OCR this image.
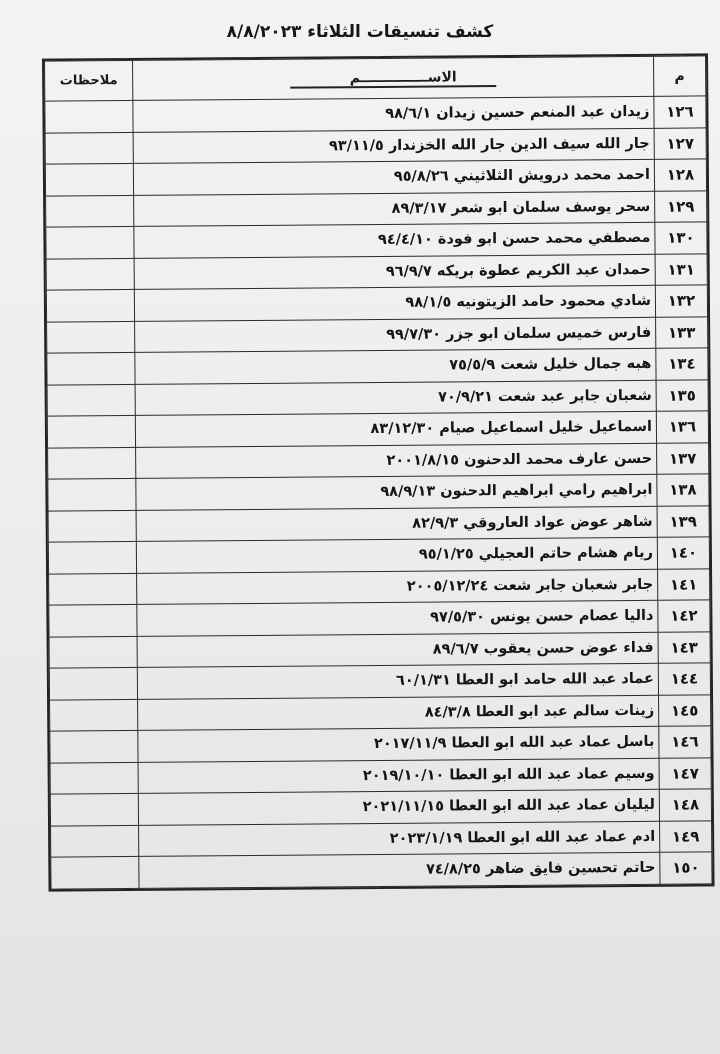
كشف تنسيقات الثلاثاء ٨/٨/٢٠٢٣
م	الاســــــــــــــم	ملاحظات
١٢٦	زيدان عبد المنعم حسين زيدان ٩٨/٦/١	
١٢٧	جار الله سيف الدين جار الله الخزندار ٩٣/١١/٥	
١٢٨	احمد محمد درويش الثلاثيني ٩٥/٨/٢٦	
١٢٩	سحر يوسف سلمان ابو شعر ٨٩/٣/١٧	
١٣٠	مصطفي محمد حسن ابو فودة ٩٤/٤/١٠	
١٣١	حمدان عبد الكريم عطوة بريكه ٩٦/٩/٧	
١٣٢	شادي محمود حامد الزيتونيه ٩٨/١/٥	
١٣٣	فارس خميس سلمان ابو جزر ٩٩/٧/٣٠	
١٣٤	هبه جمال خليل شعت ٧٥/٥/٩	
١٣٥	شعبان جابر عبد شعت ٧٠/٩/٢١	
١٣٦	اسماعيل خليل اسماعيل صيام ٨٣/١٢/٣٠	
١٣٧	حسن عارف محمد الدحنون ٢٠٠١/٨/١٥	
١٣٨	ابراهيم رامي ابراهيم الدحنون ٩٨/٩/١٣	
١٣٩	شاهر عوض عواد العاروقي ٨٢/٩/٣	
١٤٠	ريام هشام حاتم العجيلي ٩٥/١/٢٥	
١٤١	جابر شعبان جابر شعت ٢٠٠٥/١٢/٢٤	
١٤٢	داليا عصام حسن يونس ٩٧/٥/٣٠	
١٤٣	فداء عوض حسن يعقوب ٨٩/٦/٧	
١٤٤	عماد عبد الله حامد ابو العطا ٦٠/١/٣١	
١٤٥	زينات سالم عبد ابو العطا ٨٤/٣/٨	
١٤٦	باسل عماد عبد الله ابو العطا ٢٠١٧/١١/٩	
١٤٧	وسيم عماد عبد الله ابو العطا ٢٠١٩/١٠/١٠	
١٤٨	ليليان عماد عبد الله ابو العطا ٢٠٢١/١١/١٥	
١٤٩	ادم عماد عبد الله ابو العطا ٢٠٢٣/١/١٩	
١٥٠	حاتم تحسين فايق ضاهر ٧٤/٨/٢٥	
